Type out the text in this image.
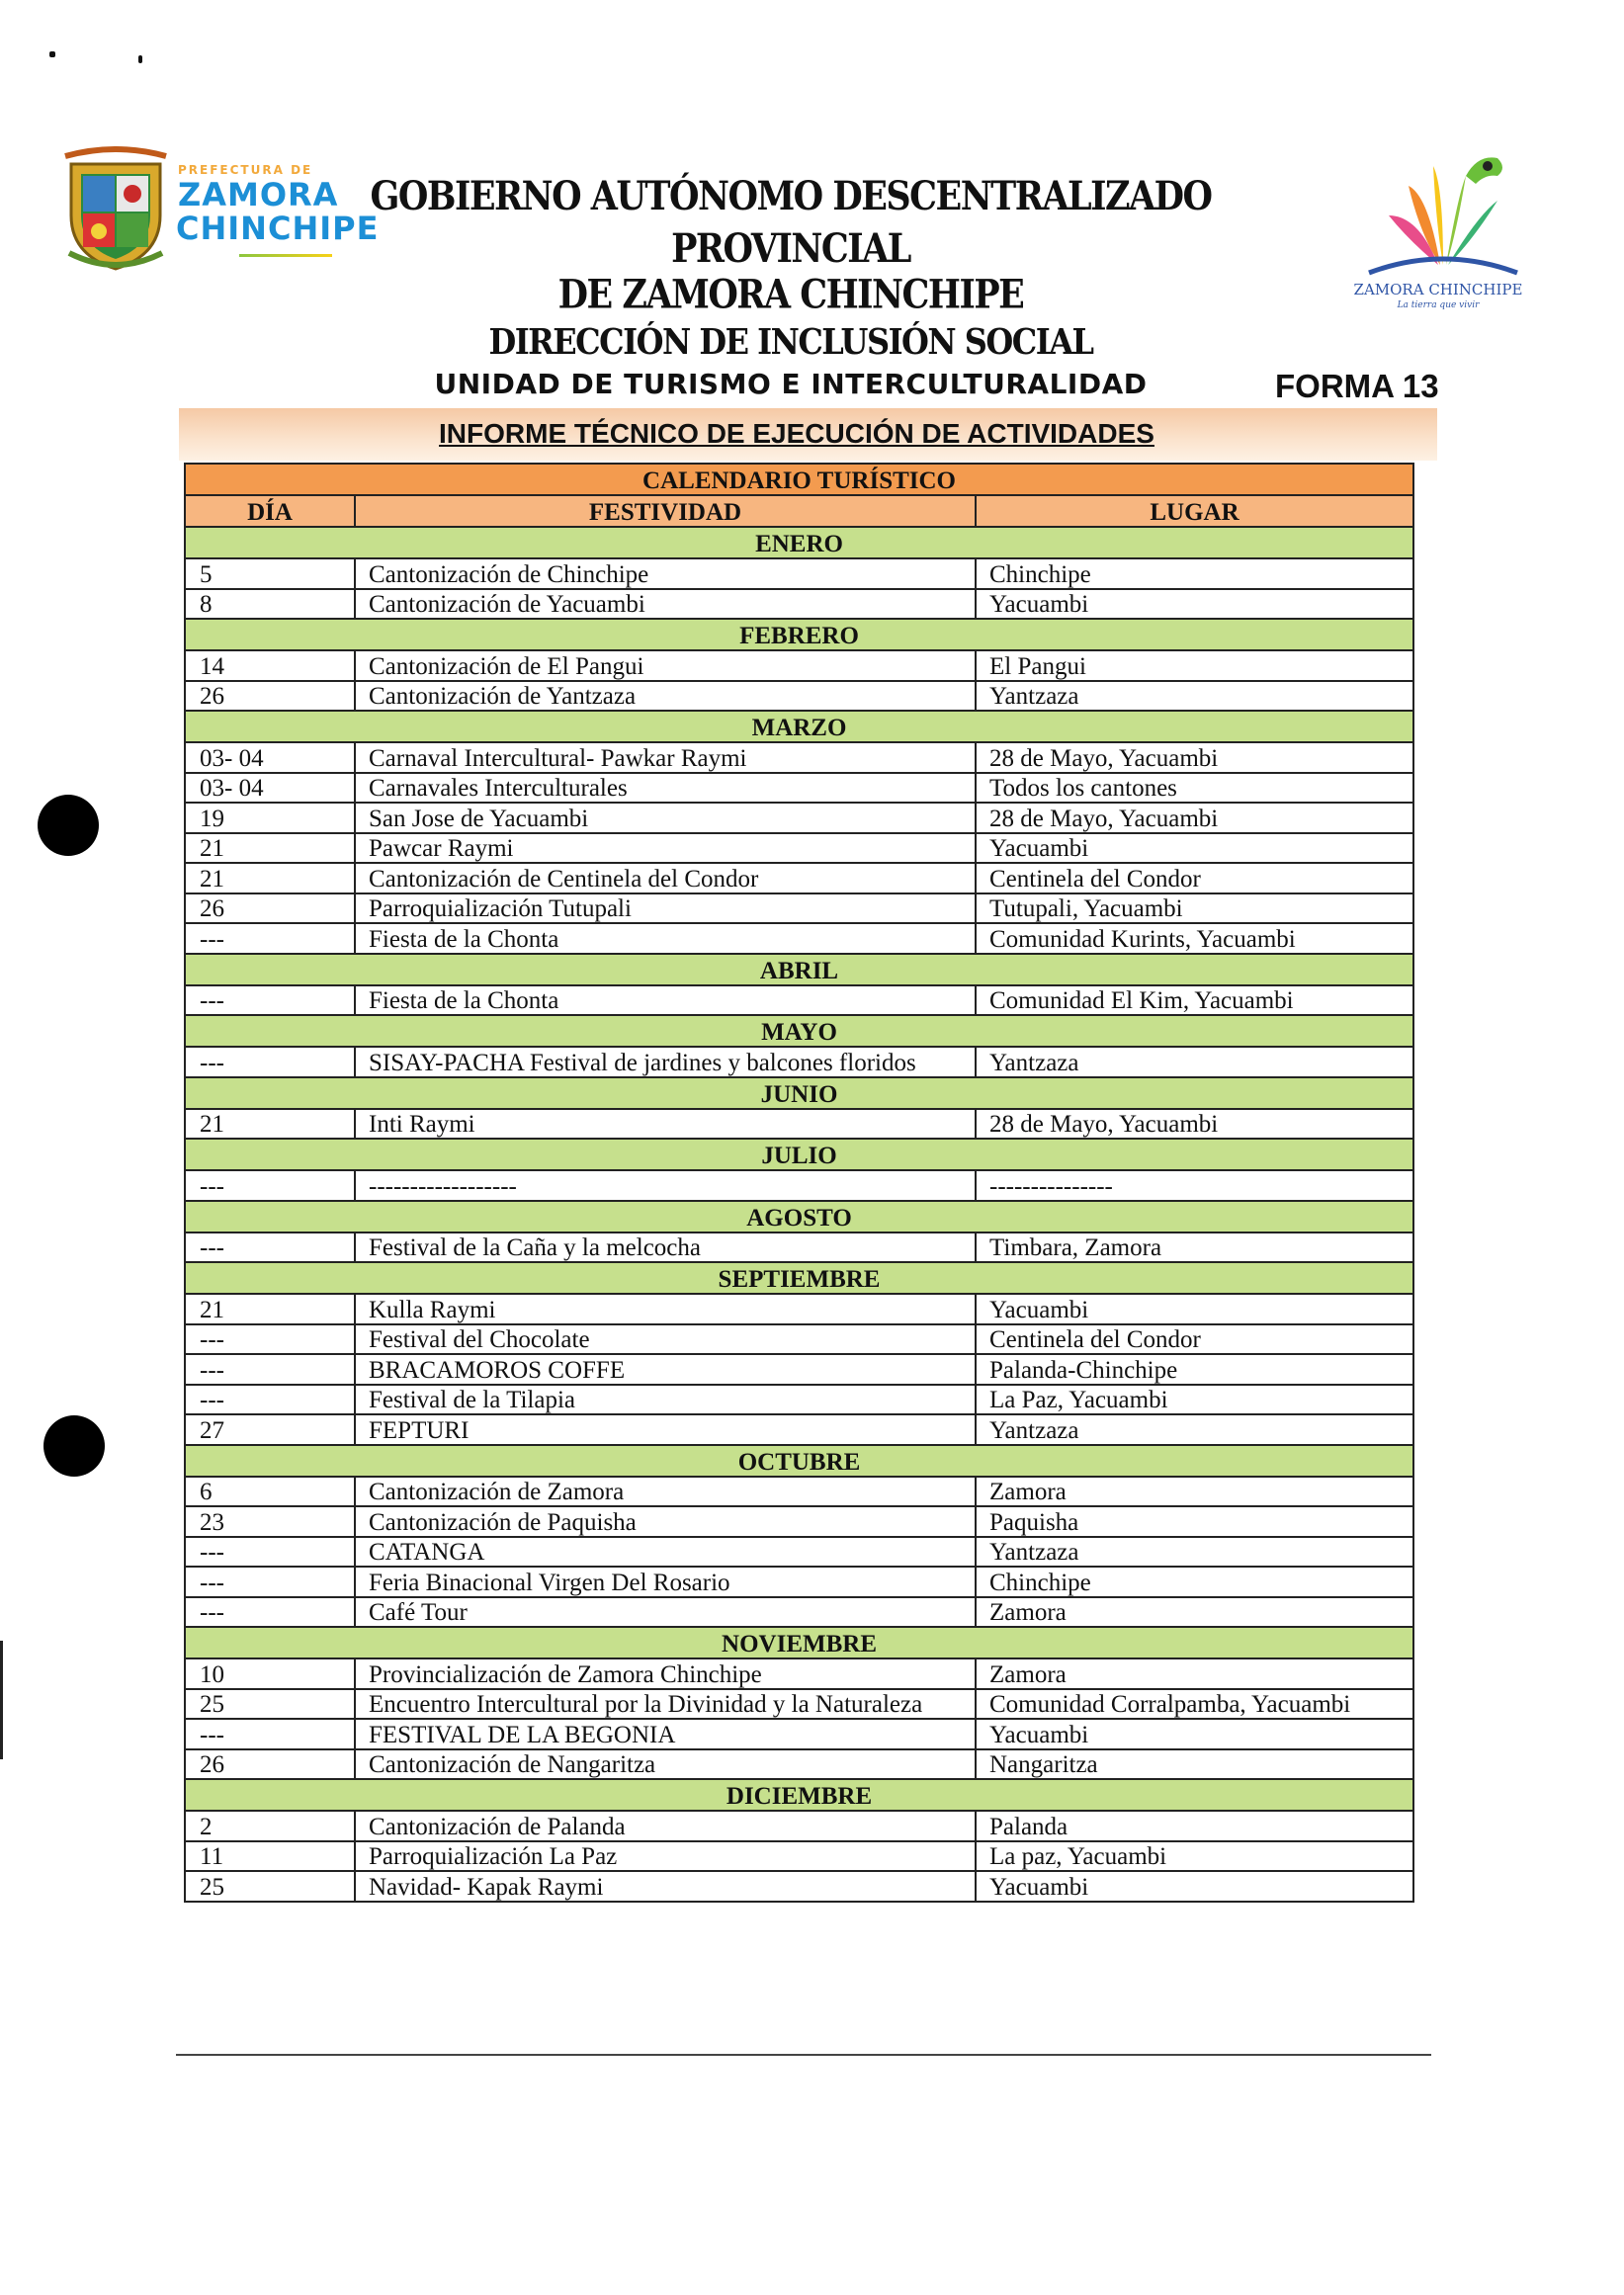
PREFECTURA DE
ZAMORA
CHINCHIPE
GOBIERNO AUTÓNOMO DESCENTRALIZADO PROVINCIAL
DE ZAMORA CHINCHIPE
DIRECCIÓN DE INCLUSIÓN SOCIAL
UNIDAD DE TURISMO E INTERCULTURALIDAD
ZAMORA CHINCHIPE
La tierra que vivir
FORMA 13
INFORME TÉCNICO DE EJECUCIÓN DE ACTIVIDADES
CALENDARIO TURÍSTICO		
DÍA	FESTIVIDAD	LUGAR
ENERO		
5	Cantonización de Chinchipe	Chinchipe
8	Cantonización de Yacuambi	Yacuambi
FEBRERO		
14	Cantonización de El Pangui	El Pangui
26	Cantonización de Yantzaza	Yantzaza
MARZO		
03- 04	Carnaval Intercultural- Pawkar Raymi	28 de Mayo, Yacuambi
03- 04	Carnavales Interculturales	Todos los cantones
19	San Jose de Yacuambi	28 de Mayo, Yacuambi
21	Pawcar Raymi	Yacuambi
21	Cantonización de Centinela del Condor	Centinela del Condor
26	Parroquialización Tutupali	Tutupali, Yacuambi
---	Fiesta de la Chonta	Comunidad Kurints, Yacuambi
ABRIL		
---	Fiesta de la Chonta	Comunidad El Kim, Yacuambi
MAYO		
---	SISAY-PACHA Festival de jardines y balcones floridos	Yantzaza
JUNIO		
21	Inti Raymi	28 de Mayo, Yacuambi
JULIO		
---	------------------	---------------
AGOSTO		
---	Festival de la Caña y la melcocha	Timbara, Zamora
SEPTIEMBRE		
21	Kulla Raymi	Yacuambi
---	Festival del Chocolate	Centinela del Condor
---	BRACAMOROS COFFE	Palanda-Chinchipe
---	Festival de la Tilapia	La Paz, Yacuambi
27	FEPTURI	Yantzaza
OCTUBRE		
6	Cantonización de Zamora	Zamora
23	Cantonización de Paquisha	Paquisha
---	CATANGA	Yantzaza
---	Feria Binacional Virgen Del Rosario	Chinchipe
---	Café Tour	Zamora
NOVIEMBRE		
10	Provincialización de Zamora Chinchipe	Zamora
25	Encuentro Intercultural por la Divinidad y la Naturaleza	Comunidad Corralpamba, Yacuambi
---	FESTIVAL DE LA BEGONIA	Yacuambi
26	Cantonización de Nangaritza	Nangaritza
DICIEMBRE		
2	Cantonización de Palanda	Palanda
11	Parroquialización La Paz	La paz, Yacuambi
25	Navidad- Kapak Raymi	Yacuambi
